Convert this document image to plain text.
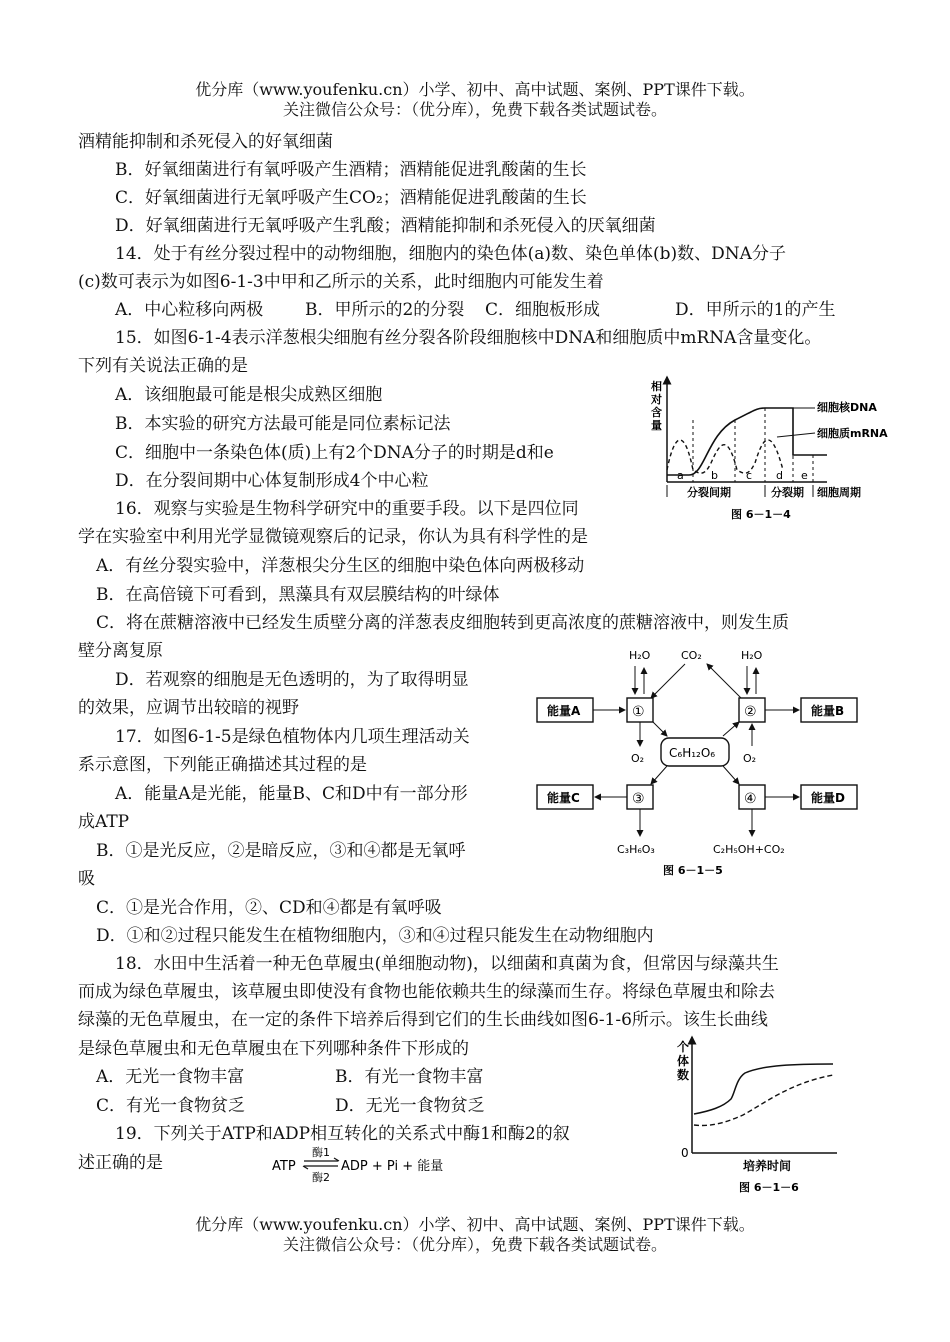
优分库（www.youfenku.cn）小学、初中、高中试题、案例、PPT课件下载。
关注微信公众号：（优分库），免费下载各类试题试卷。
酒精能抑制和杀死侵入的好氧细菌
B．好氧细菌进行有氧呼吸产生酒精；酒精能促进乳酸菌的生长
C．好氧细菌进行无氧呼吸产生CO₂；酒精能促进乳酸菌的生长
D．好氧细菌进行无氧呼吸产生乳酸；酒精能抑制和杀死侵入的厌氧细菌
14．处于有丝分裂过程中的动物细胞，细胞内的染色体(a)数、染色单体(b)数、DNA分子
(c)数可表示为如图6-1-3中甲和乙所示的关系，此时细胞内可能发生着
A．中心粒移向两极 B．甲所示的2的分裂 C．细胞板形成	D．甲所示的1的产生
15．如图6-1-4表示洋葱根尖细胞有丝分裂各阶段细胞核中DNA和细胞质中mRNA含量变化。
下列有关说法正确的是
A．该细胞最可能是根尖成熟区细胞
B．本实验的研究方法最可能是同位素标记法
C．细胞中一条染色体(质)上有2个DNA分子的时期是d和e
D．在分裂间期中心体复制形成4个中心粒
相
对
含
量
细胞核DNA
细胞质mRNA
a b	c d e
分裂间期	分裂期 细胞周期
图 6－1－4
16．观察与实验是生物科学研究中的重要手段。以下是四位同
学在实验室中利用光学显微镜观察后的记录，你认为具有科学性的是
A．有丝分裂实验中，洋葱根尖分生区的细胞中染色体向两极移动
B．在高倍镜下可看到，黑藻具有双层膜结构的叶绿体
C．将在蔗糖溶液中已经发生质壁分离的洋葱表皮细胞转到更高浓度的蔗糖溶液中，则发生质
壁分离复原
D．若观察的细胞是无色透明的，为了取得明显
的效果，应调节出较暗的视野
17．如图6-1-5是绿色植物体内几项生理活动关
系示意图，下列能正确描述其过程的是
A．能量A是光能，能量B、C和D中有一部分形
成ATP
B．①是光反应，②是暗反应，③和④都是无氧呼
吸
C．①是光合作用，②、CD和④都是有氧呼吸
D．①和②过程只能发生在植物细胞内，③和④过程只能发生在动物细胞内
H₂O	CO₂	H₂O
能量A	①	②	能量B
O₂	O₂
C₆H₁₂O₆
③
能量C	④	能量D
C₃H₆O₃	C₂H₅OH+CO₂
图 6－1－5
18．水田中生活着一种无色草履虫(单细胞动物)，以细菌和真菌为食，但常因与绿藻共生
而成为绿色草履虫，该草履虫即使没有食物也能依赖共生的绿藻而生存。将绿色草履虫和除去
绿藻的无色草履虫，在一定的条件下培养后得到它们的生长曲线如图6-1-6所示。该生长曲线
是绿色草履虫和无色草履虫在下列哪种条件下形成的
A．无光一食物丰富	B．有光一食物丰富
C．有光一食物贫乏	D．无光一食物贫乏
个
体
数
0
培养时间
图 6－1－6
19．下列关于ATP和ADP相互转化的关系式中酶1和酶2的叙
述正确的是	ATP
酶1
酶2
ADP + Pi + 能量
优分库（www.youfenku.cn）小学、初中、高中试题、案例、PPT课件下载。
关注微信公众号：（优分库），免费下载各类试题试卷。
